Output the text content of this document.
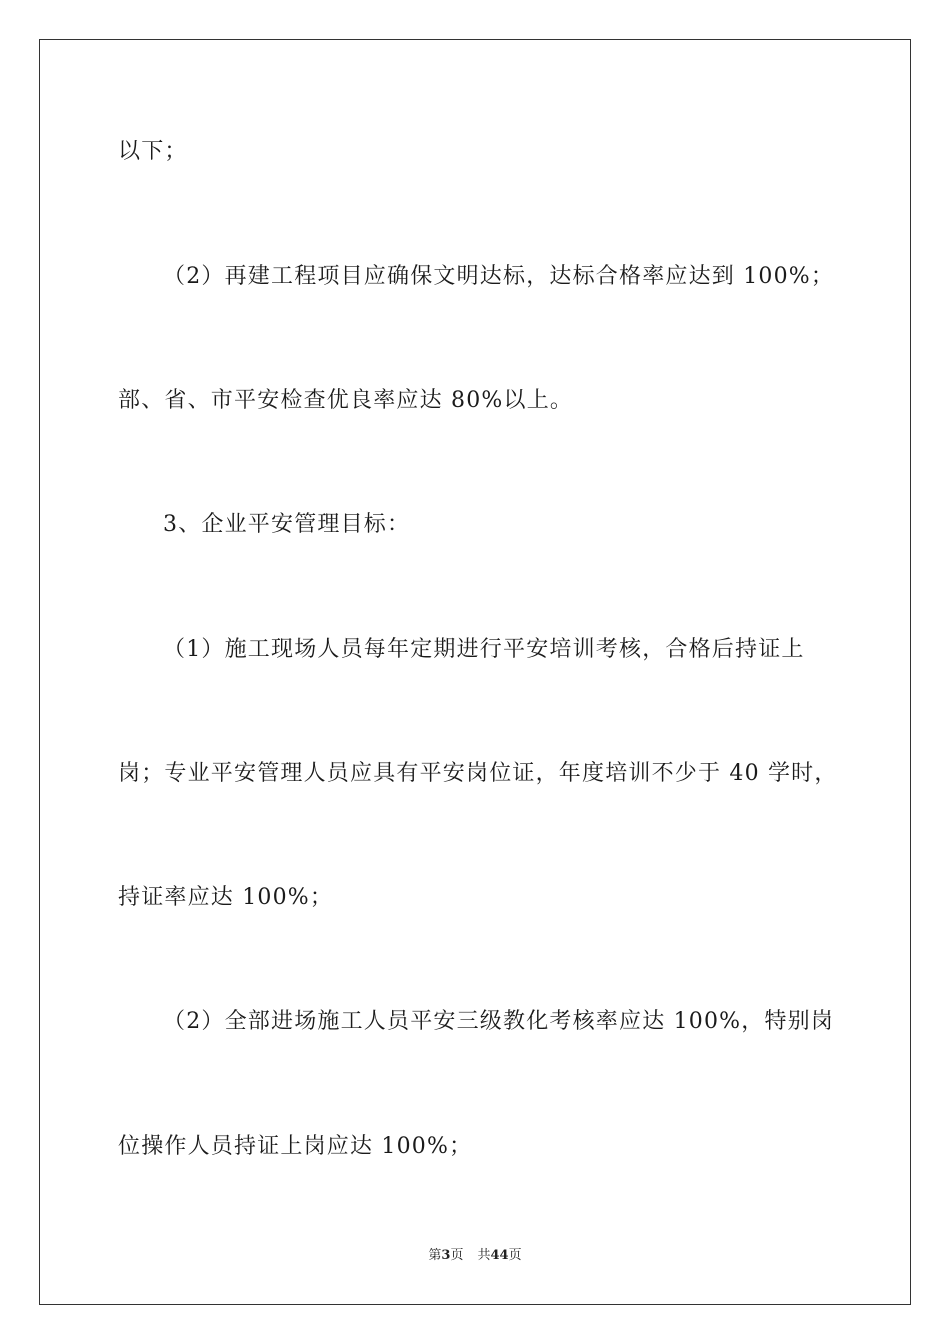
以下；
（2）再建工程项目应确保文明达标，达标合格率应达到 100%；
部、省、市平安检查优良率应达 80%以上。
3、企业平安管理目标：
（1）施工现场人员每年定期进行平安培训考核，合格后持证上
岗；专业平安管理人员应具有平安岗位证，年度培训不少于 40 学时，
持证率应达 100%；
（2）全部进场施工人员平安三级教化考核率应达 100%，特别岗
位操作人员持证上岗应达 100%；
第3页 共44页
